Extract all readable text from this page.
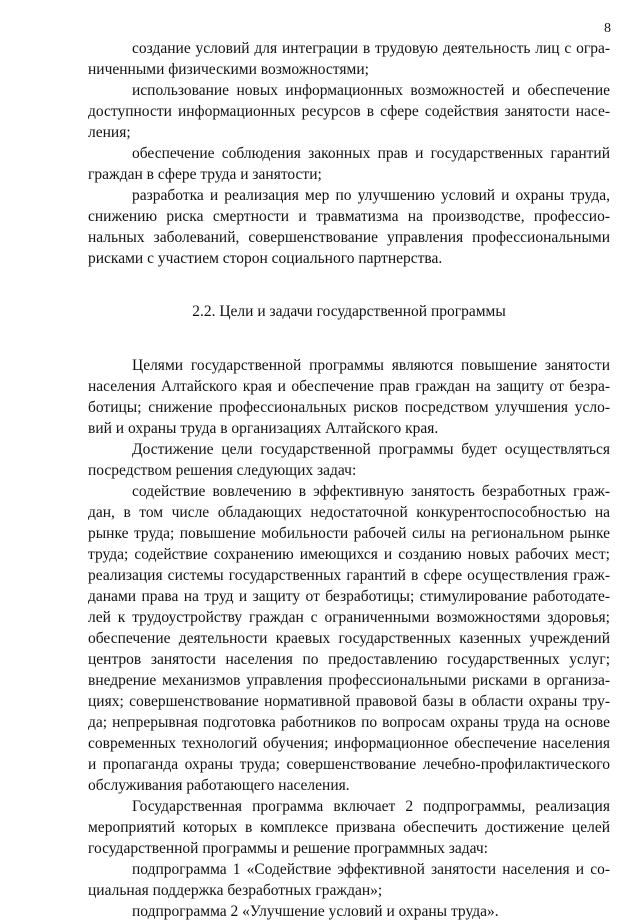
8
создание условий для интеграции в трудовую деятельность лиц с огра-
ниченными физическими возможностями;
использование новых информационных возможностей и обеспечение
доступности информационных ресурсов в сфере содействия занятости насе-
ления;
обеспечение соблюдения законных прав и государственных гарантий
граждан в сфере труда и занятости;
разработка и реализация мер по улучшению условий и охраны труда,
снижению риска смертности и травматизма на производстве, профессио-
нальных заболеваний, совершенствование управления профессиональными
рисками с участием сторон социального партнерства.
2.2. Цели и задачи государственной программы
Целями государственной программы являются повышение занятости
населения Алтайского края и обеспечение прав граждан на защиту от безра-
ботицы; снижение профессиональных рисков посредством улучшения усло-
вий и охраны труда в организациях Алтайского края.
Достижение цели государственной программы будет осуществляться
посредством решения следующих задач:
содействие вовлечению в эффективную занятость безработных граж-
дан, в том числе обладающих недостаточной конкурентоспособностью на
рынке труда; повышение мобильности рабочей силы на региональном рынке
труда; содействие сохранению имеющихся и созданию новых рабочих мест;
реализация системы государственных гарантий в сфере осуществления граж-
данами права на труд и защиту от безработицы; стимулирование работодате-
лей к трудоустройству граждан с ограниченными возможностями здоровья;
обеспечение деятельности краевых государственных казенных учреждений
центров занятости населения по предоставлению государственных услуг;
внедрение механизмов управления профессиональными рисками в организа-
циях; совершенствование нормативной правовой базы в области охраны тру-
да; непрерывная подготовка работников по вопросам охраны труда на основе
современных технологий обучения; информационное обеспечение населения
и пропаганда охраны труда; совершенствование лечебно-профилактического
обслуживания работающего населения.
Государственная программа включает 2 подпрограммы, реализация
мероприятий которых в комплексе призвана обеспечить достижение целей
государственной программы и решение программных задач:
подпрограмма 1 «Содействие эффективной занятости населения и со-
циальная поддержка безработных граждан»;
подпрограмма 2 «Улучшение условий и охраны труда».
